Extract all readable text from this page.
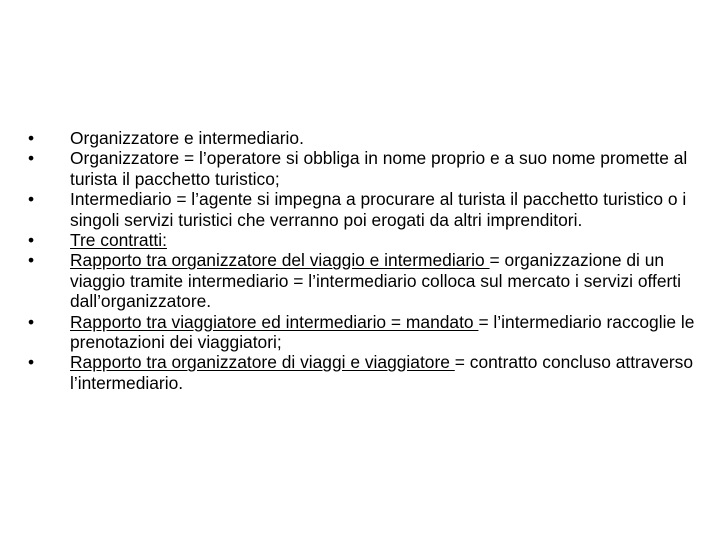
•	Organizzatore e intermediario.
•	Organizzatore = l’operatore si obbliga in nome proprio e a suo nome promette al turista il pacchetto turistico;
•	Intermediario = l’agente si impegna a procurare al turista il pacchetto turistico o i singoli servizi turistici che verranno poi erogati da altri imprenditori.
•	Tre contratti:
•	Rapporto tra organizzatore del viaggio e intermediario = organizzazione di un viaggio tramite intermediario = l’intermediario colloca sul mercato i servizi offerti dall’organizzatore.
•	Rapporto tra viaggiatore ed intermediario = mandato = l’intermediario raccoglie le prenotazioni dei viaggiatori;
•	Rapporto tra organizzatore di viaggi e viaggiatore = contratto concluso attraverso l’intermediario.
